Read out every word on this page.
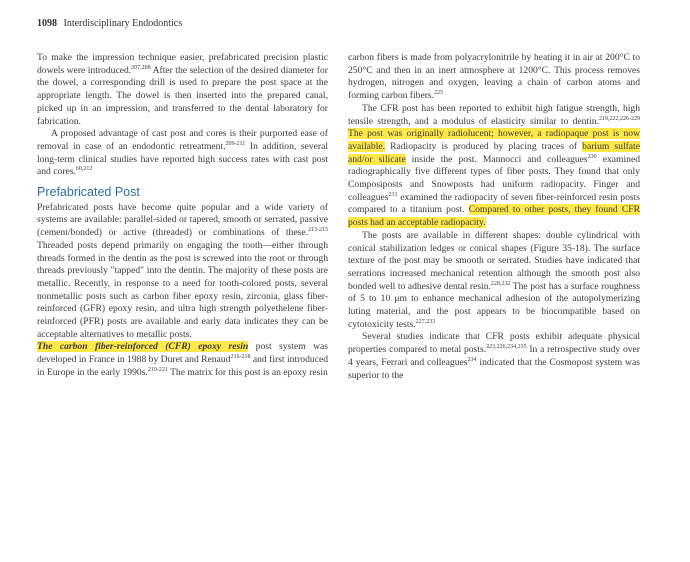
1098 Interdisciplinary Endodontics

To make the impression technique easier, prefabricated precision plastic dowels were introduced.$^{207,208}$ After the selection of the desired diameter for the dowel, a corresponding drill is used to prepare the post space at the appropriate length. The dowel is then inserted into the prepared canal, picked up in an impression, and transferred to the dental laboratory for fabrication.

A proposed advantage of cast post and cores is their purported ease of removal in case of an endodontic retreatment.$^{209-211}$ In addition, several long-term clinical studies have reported high success rates with cast post and cores.$^{60,212}$

Prefabricated Post

Prefabricated posts have become quite popular and a wide variety of systems are available: parallel-sided or tapered, smooth or serrated, passive (cement/bonded) or active (threaded) or combinations of these.$^{213-215}$ Threaded posts depend primarily on engaging the tooth—either through threads formed in the dentin as the post is screwed into the root or through threads previously "tapped" into the dentin. The majority of these posts are metallic. Recently, in response to a need for tooth-colored posts, several nonmetallic posts such as carbon fiber epoxy resin, zirconia, glass fiber-reinforced (GFR) epoxy resin, and ultra high strength polyethelene fiber-reinforced (PFR) posts are available and early data indicates they can be acceptable alternatives to metallic posts.

The carbon fiber-reinforced (CFR) epoxy resin post system was developed in France in 1988 by Duret and Renaud$^{216-218}$ and first introduced in Europe in the early 1990s.$^{219-221}$ The matrix for this post is an epoxy resin

carbon fibers is made from polyacrylonitrile by heating it in air at 200°C to 250°C and then in an inert atmosphere at 1200°C. This process removes hydrogen, nitrogen and oxygen, leaving a chain of carbon atoms and forming carbon fibers.$^{225}$

The CFR post has been reported to exhibit high fatigue strength, high tensile strength, and a modulus of elasticity similar to dentin.$^{219,222,226-229}$ The post was originally radiolucent; however, a radiopaque post is now available. Radiopacity is produced by placing traces of barium sulfate and/or silicate inside the post. Mannocci and colleagues$^{230}$ examined radiographically five different types of fiber posts. They found that only Composiposts and Snowposts had uniform radiopacity. Finger and colleagues$^{231}$ examined the radiopacity of seven fiber-reinforced resin posts compared to a titanium post. Compared to other posts, they found CFR posts had an acceptable radiopacity.

The posts are available in different shapes: double cylindrical with conical stabilization ledges or conical shapes (Figure 35-18). The surface texture of the post may be smooth or serrated. Studies have indicated that serrations increased mechanical retention although the smooth post also bonded well to adhesive dental resin.$^{228,232}$ The post has a surface roughness of 5 to 10 μm to enhance mechanical adhesion of the autopolymerizing luting material, and the post appears to be biocompatible based on cytotoxicity tests.$^{227,233}$

Several studies indicate that CFR posts exhibit adequate physical properties compared to metal posts.$^{223,226,234,235}$ In a retrospective study over 4 years, Ferrari and colleagues$^{234}$ indicated that the Cosmopost system was superior to the
